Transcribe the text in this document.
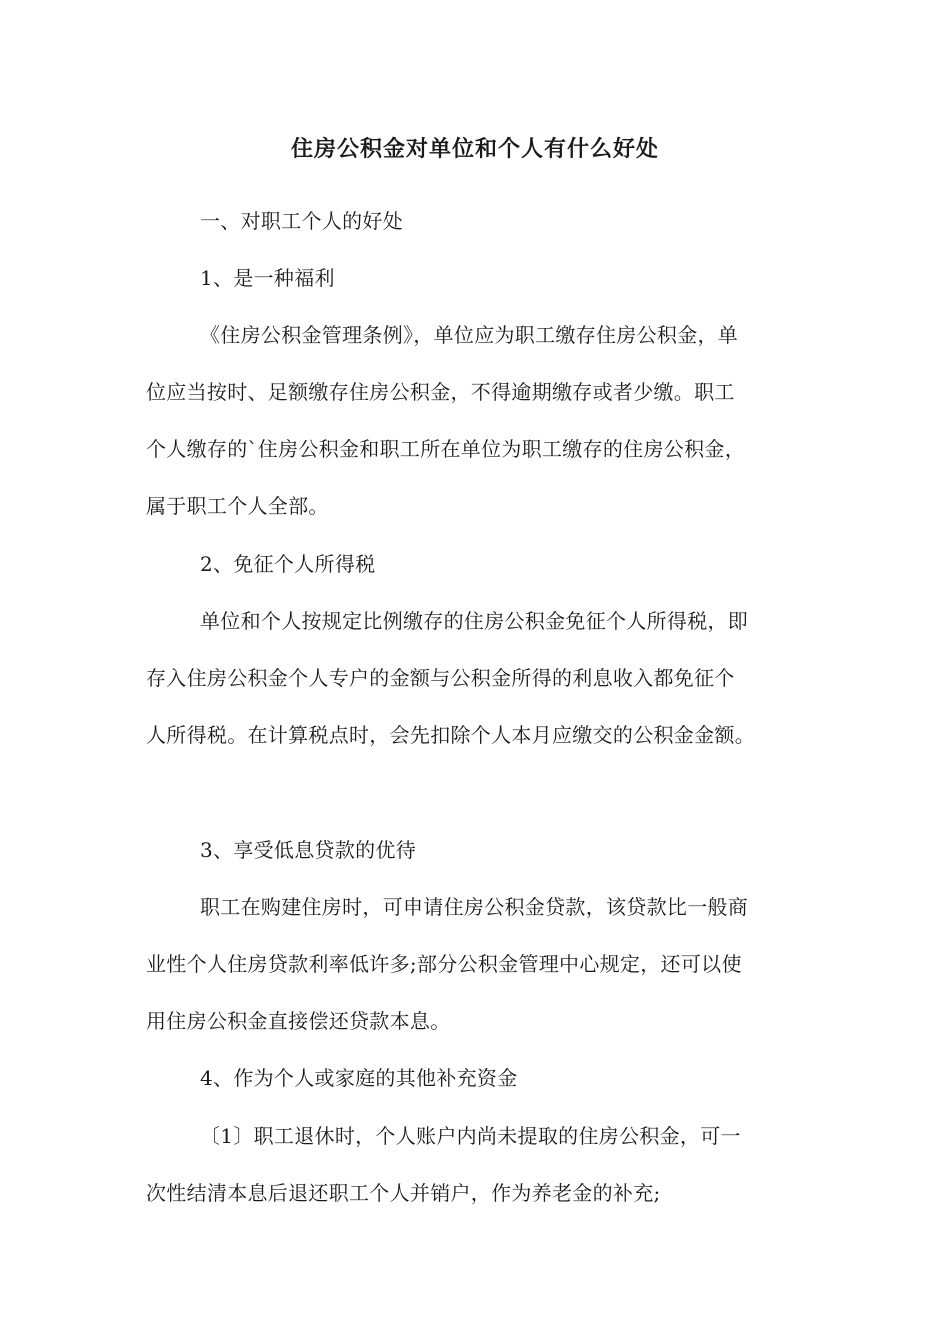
住房公积金对单位和个人有什么好处
一、对职工个人的好处
1、是一种福利
《住房公积金管理条例》，单位应为职工缴存住房公积金，单
位应当按时、足额缴存住房公积金，不得逾期缴存或者少缴。职工
个人缴存的`住房公积金和职工所在单位为职工缴存的住房公积金，
属于职工个人全部。
2、免征个人所得税
单位和个人按规定比例缴存的住房公积金免征个人所得税，即
存入住房公积金个人专户的金额与公积金所得的利息收入都免征个
人所得税。在计算税点时，会先扣除个人本月应缴交的公积金金额。
3、享受低息贷款的优待
职工在购建住房时，可申请住房公积金贷款，该贷款比一般商
业性个人住房贷款利率低许多;部分公积金管理中心规定，还可以使
用住房公积金直接偿还贷款本息。
4、作为个人或家庭的其他补充资金
〔1〕职工退休时，个人账户内尚未提取的住房公积金，可一
次性结清本息后退还职工个人并销户，作为养老金的补充;
